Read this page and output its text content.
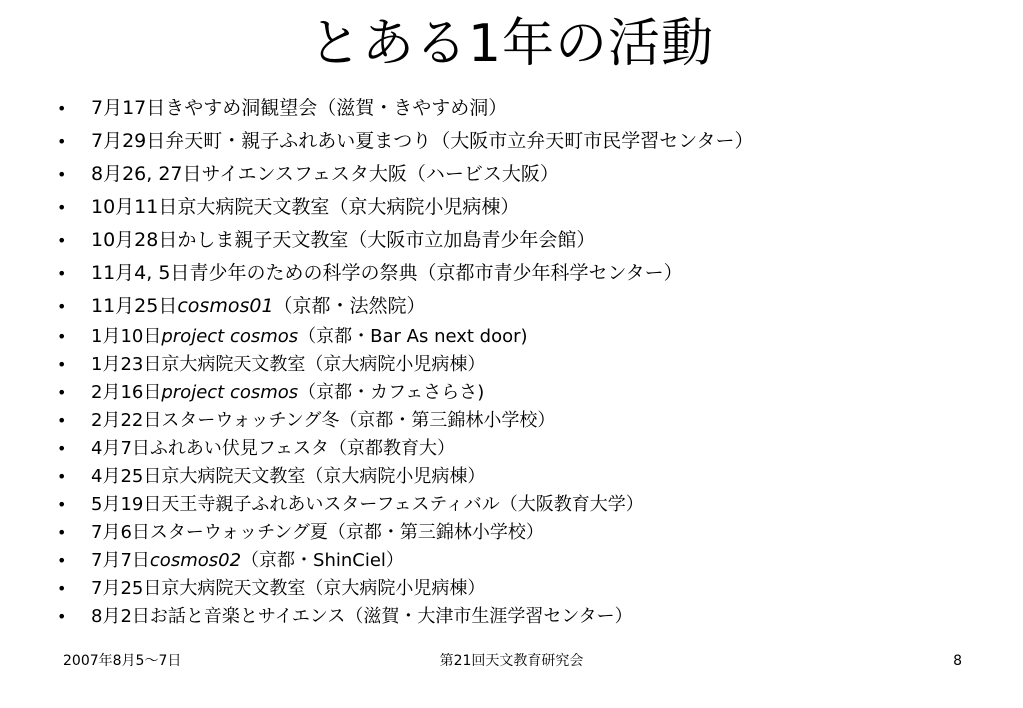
とある1年の活動
• 7月17日きやすめ洞観望会（滋賀・きやすめ洞）
• 7月29日弁天町・親子ふれあい夏まつり（大阪市立弁天町市民学習センター）
• 8月26, 27日サイエンスフェスタ大阪（ハービス大阪）
• 10月11日京大病院天文教室（京大病院小児病棟）
• 10月28日かしま親子天文教室（大阪市立加島青少年会館）
• 11月4, 5日青少年のための科学の祭典（京都市青少年科学センター）
• 11月25日cosmos01（京都・法然院）
• 1月10日project cosmos（京都・Bar As next door)
• 1月23日京大病院天文教室（京大病院小児病棟）
• 2月16日project cosmos（京都・カフェさらさ)
• 2月22日スターウォッチング冬（京都・第三錦林小学校）
• 4月7日ふれあい伏見フェスタ（京都教育大）
• 4月25日京大病院天文教室（京大病院小児病棟）
• 5月19日天王寺親子ふれあいスターフェスティバル（大阪教育大学）
• 7月6日スターウォッチング夏（京都・第三錦林小学校）
• 7月7日cosmos02（京都・ShinCiel）
• 7月25日京大病院天文教室（京大病院小児病棟）
• 8月2日お話と音楽とサイエンス（滋賀・大津市生涯学習センター）
2007年8月5～7日	第21回天文教育研究会	8
